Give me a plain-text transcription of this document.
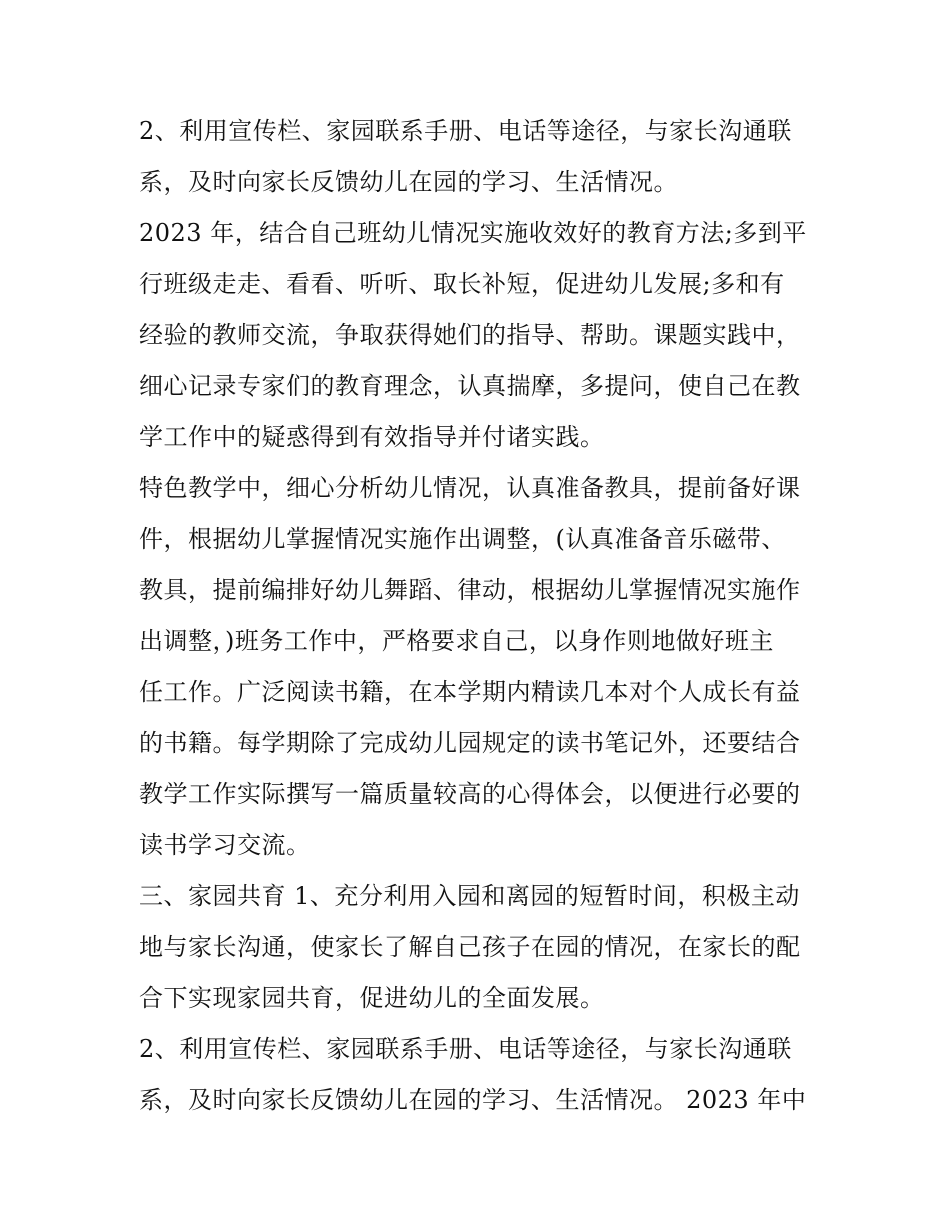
2、利用宣传栏、家园联系手册、电话等途径，与家长沟通联
系，及时向家长反馈幼儿在园的学习、生活情况。
2023 年，结合自己班幼儿情况实施收效好的教育方法;多到平
行班级走走、看看、听听、取长补短，促进幼儿发展;多和有
经验的教师交流，争取获得她们的指导、帮助。课题实践中，
细心记录专家们的教育理念，认真揣摩，多提问，使自己在教
学工作中的疑惑得到有效指导并付诸实践。
特色教学中，细心分析幼儿情况，认真准备教具，提前备好课
件，根据幼儿掌握情况实施作出调整，(认真准备音乐磁带、
教具，提前编排好幼儿舞蹈、律动，根据幼儿掌握情况实施作
出调整，)班务工作中，严格要求自己，以身作则地做好班主
任工作。广泛阅读书籍，在本学期内精读几本对个人成长有益
的书籍。每学期除了完成幼儿园规定的读书笔记外，还要结合
教学工作实际撰写一篇质量较高的心得体会，以便进行必要的
读书学习交流。
三、家园共育 1、充分利用入园和离园的短暂时间，积极主动
地与家长沟通，使家长了解自己孩子在园的情况，在家长的配
合下实现家园共育，促进幼儿的全面发展。
2、利用宣传栏、家园联系手册、电话等途径，与家长沟通联
系，及时向家长反馈幼儿在园的学习、生活情况。 2023 年中
